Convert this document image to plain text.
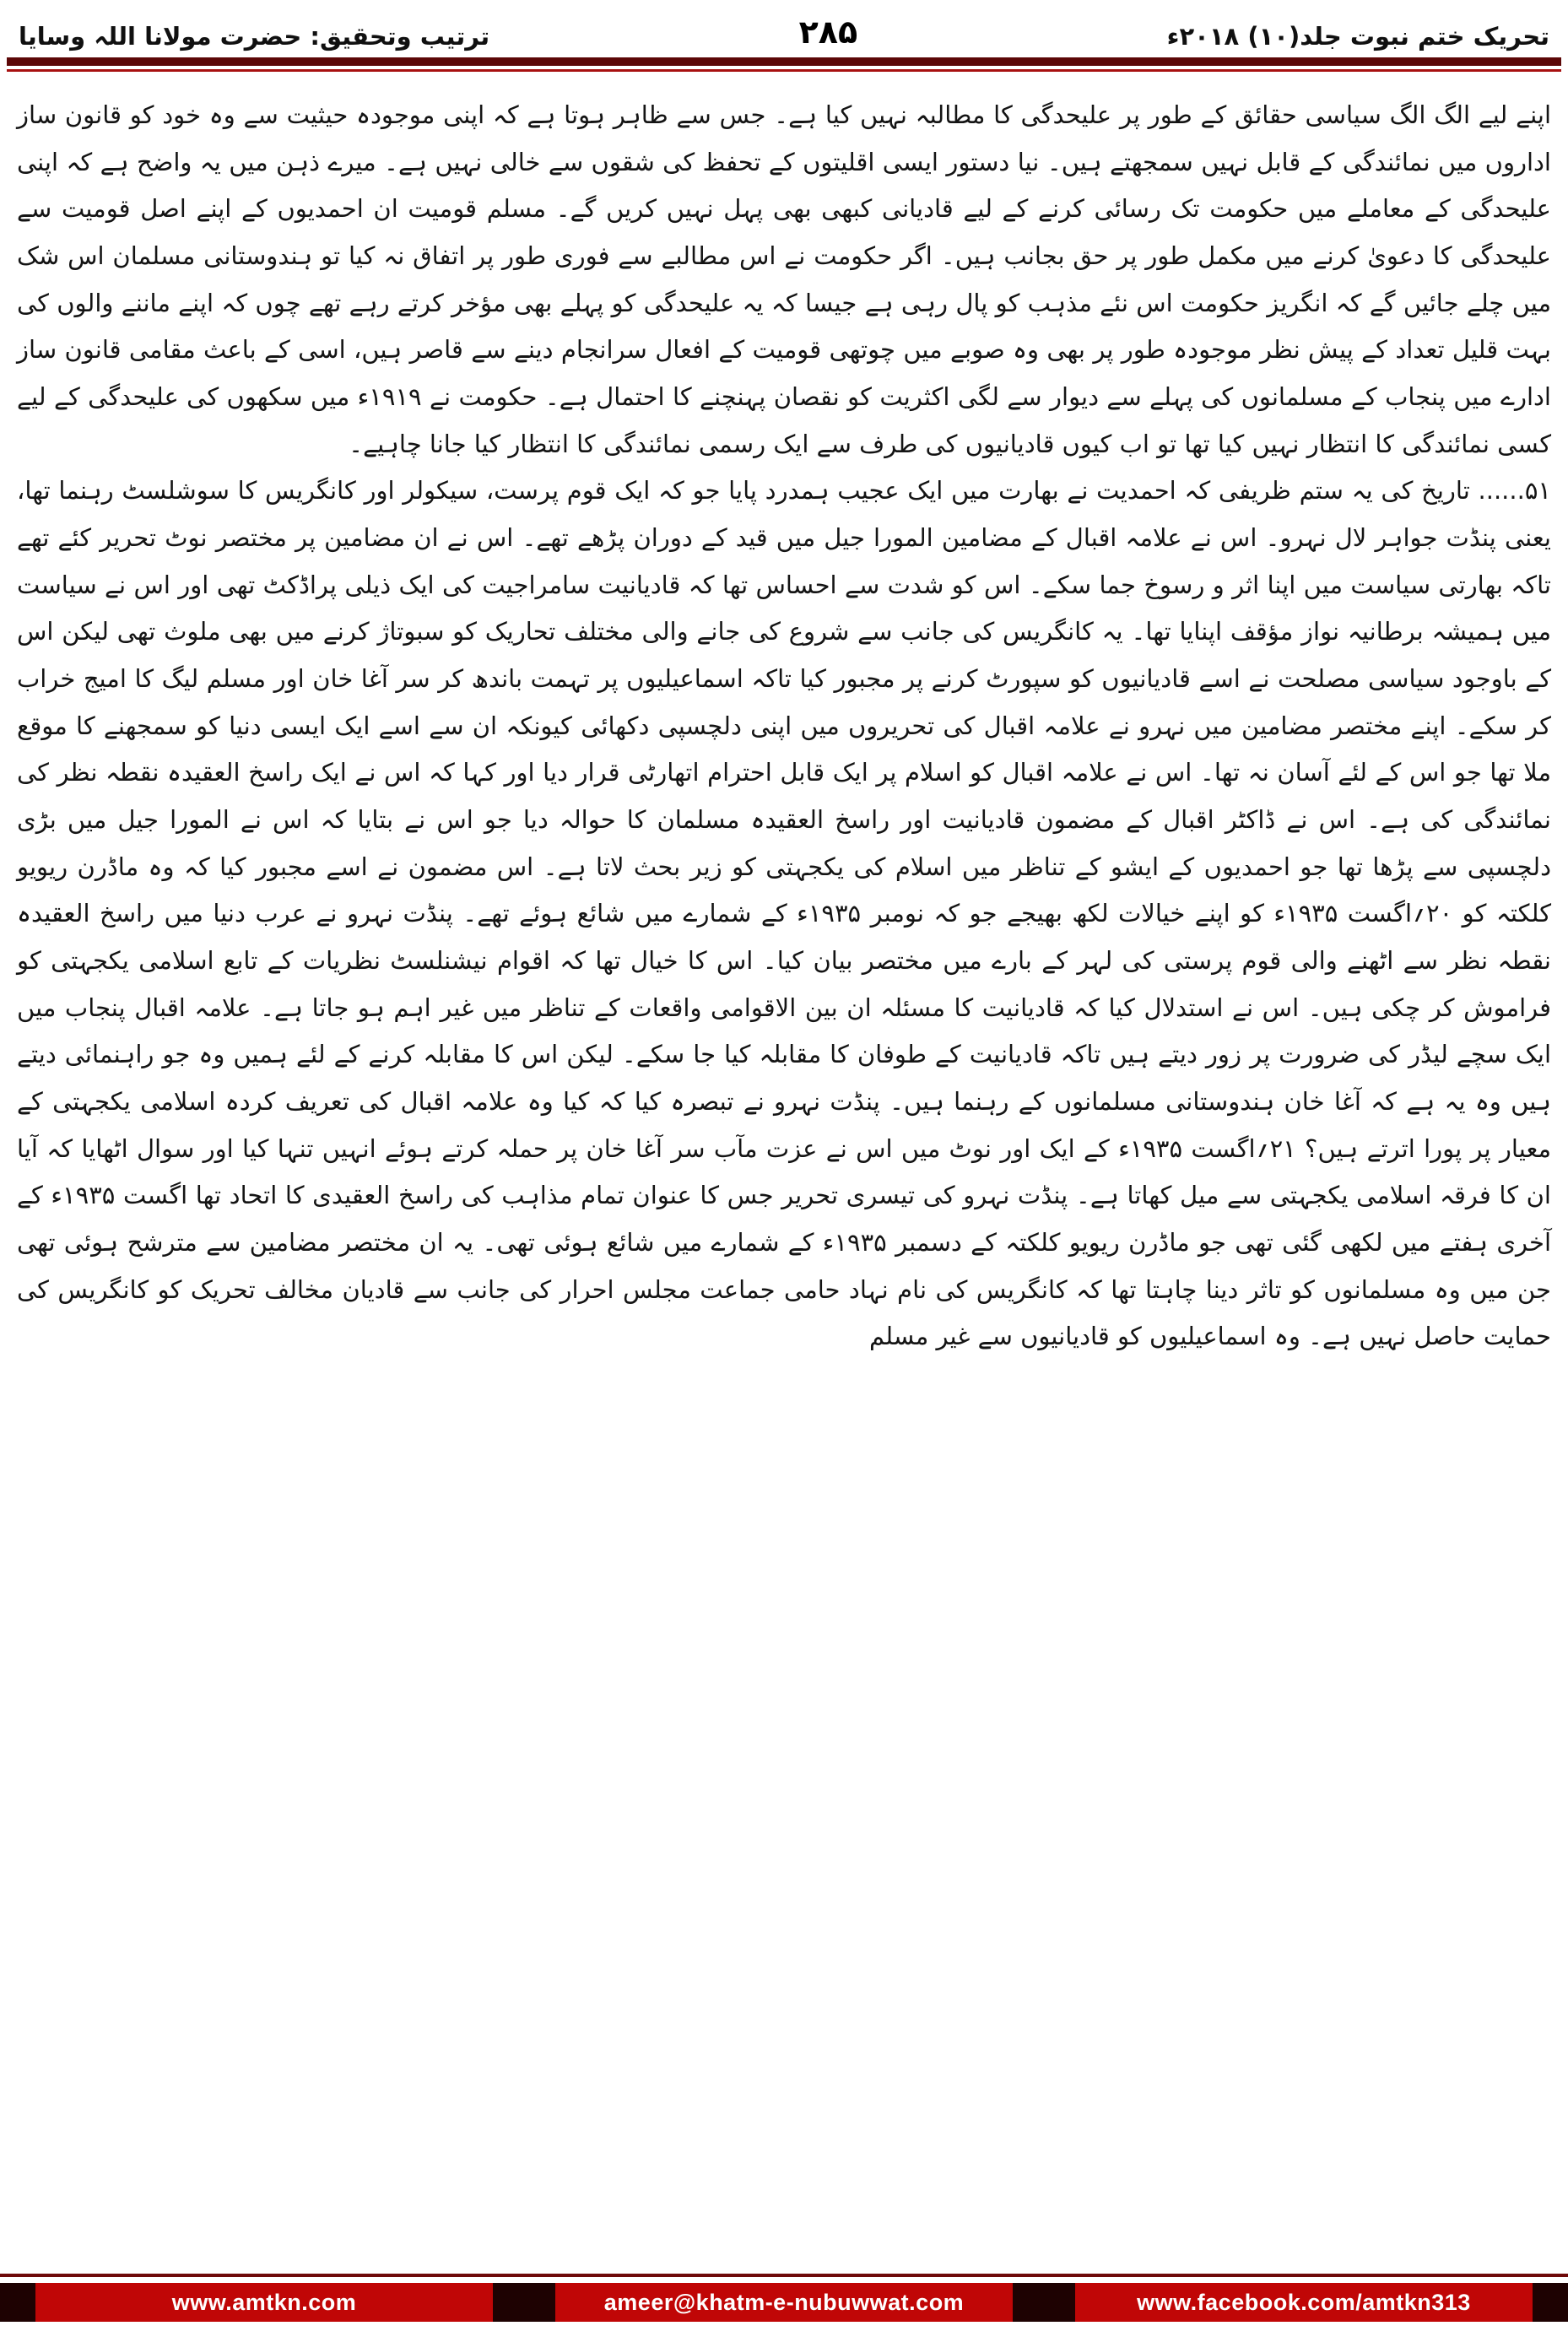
تحریک ختم نبوت جلد(۱۰) ۲۰۱۸ء
۲۸۵
ترتیب وتحقیق: حضرت مولانا اللہ وسایا

اپنے لیے الگ الگ سیاسی حقائق کے طور پر علیحدگی کا مطالبہ نہیں کیا ہے۔ جس سے ظاہر ہوتا ہے کہ اپنی موجودہ حیثیت سے وہ خود کو قانون ساز اداروں میں نمائندگی کے قابل نہیں سمجھتے ہیں۔ نیا دستور ایسی اقلیتوں کے تحفظ کی شقوں سے خالی نہیں ہے۔ میرے ذہن میں یہ واضح ہے کہ اپنی علیحدگی کے معاملے میں حکومت تک رسائی کرنے کے لیے قادیانی کبھی بھی پہل نہیں کریں گے۔ مسلم قومیت ان احمدیوں کے اپنے اصل قومیت سے علیحدگی کا دعویٰ کرنے میں مکمل طور پر حق بجانب ہیں۔ اگر حکومت نے اس مطالبے سے فوری طور پر اتفاق نہ کیا تو ہندوستانی مسلمان اس شک میں چلے جائیں گے کہ انگریز حکومت اس نئے مذہب کو پال رہی ہے جیسا کہ یہ علیحدگی کو پہلے بھی مؤخر کرتے رہے تھے چوں کہ اپنے ماننے والوں کی بہت قلیل تعداد کے پیش نظر موجودہ طور پر بھی وہ صوبے میں چوتھی قومیت کے افعال سرانجام دینے سے قاصر ہیں، اسی کے باعث مقامی قانون ساز ادارے میں پنجاب کے مسلمانوں کی پہلے سے دیوار سے لگی اکثریت کو نقصان پہنچنے کا احتمال ہے۔ حکومت نے ۱۹۱۹ء میں سکھوں کی علیحدگی کے لیے کسی نمائندگی کا انتظار نہیں کیا تھا تو اب کیوں قادیانیوں کی طرف سے ایک رسمی نمائندگی کا انتظار کیا جانا چاہیے۔

۵۱...... تاریخ کی یہ ستم ظریفی کہ احمدیت نے بھارت میں ایک عجیب ہمدرد پایا جو کہ ایک قوم پرست، سیکولر اور کانگریس کا سوشلسٹ رہنما تھا، یعنی پنڈت جواہر لال نہرو۔ اس نے علامہ اقبال کے مضامین المورا جیل میں قید کے دوران پڑھے تھے۔ اس نے ان مضامین پر مختصر نوٹ تحریر کئے تھے تاکہ بھارتی سیاست میں اپنا اثر و رسوخ جما سکے۔ اس کو شدت سے احساس تھا کہ قادیانیت سامراجیت کی ایک ذیلی پراڈکٹ تھی اور اس نے سیاست میں ہمیشہ برطانیہ نواز مؤقف اپنایا تھا۔ یہ کانگریس کی جانب سے شروع کی جانے والی مختلف تحاریک کو سبوتاژ کرنے میں بھی ملوث تھی لیکن اس کے باوجود سیاسی مصلحت نے اسے قادیانیوں کو سپورٹ کرنے پر مجبور کیا تاکہ اسماعیلیوں پر تہمت باندھ کر سر آغا خان اور مسلم لیگ کا امیج خراب کر سکے۔ اپنے مختصر مضامین میں نہرو نے علامہ اقبال کی تحریروں میں اپنی دلچسپی دکھائی کیونکہ ان سے اسے ایک ایسی دنیا کو سمجھنے کا موقع ملا تھا جو اس کے لئے آسان نہ تھا۔ اس نے علامہ اقبال کو اسلام پر ایک قابل احترام اتھارٹی قرار دیا اور کہا کہ اس نے ایک راسخ العقیدہ نقطہ نظر کی نمائندگی کی ہے۔ اس نے ڈاکٹر اقبال کے مضمون قادیانیت اور راسخ العقیدہ مسلمان کا حوالہ دیا جو اس نے بتایا کہ اس نے المورا جیل میں بڑی دلچسپی سے پڑھا تھا جو احمدیوں کے ایشو کے تناظر میں اسلام کی یکجہتی کو زیر بحث لاتا ہے۔ اس مضمون نے اسے مجبور کیا کہ وہ ماڈرن ریویو کلکتہ کو ۲۰؍اگست ۱۹۳۵ء کو اپنے خیالات لکھ بھیجے جو کہ نومبر ۱۹۳۵ء کے شمارے میں شائع ہوئے تھے۔ پنڈت نہرو نے عرب دنیا میں راسخ العقیدہ نقطہ نظر سے اٹھنے والی قوم پرستی کی لہر کے بارے میں مختصر بیان کیا۔ اس کا خیال تھا کہ اقوام نیشنلسٹ نظریات کے تابع اسلامی یکجہتی کو فراموش کر چکی ہیں۔ اس نے استدلال کیا کہ قادیانیت کا مسئلہ ان بین الاقوامی واقعات کے تناظر میں غیر اہم ہو جاتا ہے۔ علامہ اقبال پنجاب میں ایک سچے لیڈر کی ضرورت پر زور دیتے ہیں تاکہ قادیانیت کے طوفان کا مقابلہ کیا جا سکے۔ لیکن اس کا مقابلہ کرنے کے لئے ہمیں وہ جو راہنمائی دیتے ہیں وہ یہ ہے کہ آغا خان ہندوستانی مسلمانوں کے رہنما ہیں۔ پنڈت نہرو نے تبصرہ کیا کہ کیا وہ علامہ اقبال کی تعریف کردہ اسلامی یکجہتی کے معیار پر پورا اترتے ہیں؟ ۲۱؍اگست ۱۹۳۵ء کے ایک اور نوٹ میں اس نے عزت مآب سر آغا خان پر حملہ کرتے ہوئے انہیں تنہا کیا اور سوال اٹھایا کہ آیا ان کا فرقہ اسلامی یکجہتی سے میل کھاتا ہے۔ پنڈت نہرو کی تیسری تحریر جس کا عنوان تمام مذاہب کی راسخ العقیدی کا اتحاد تھا اگست ۱۹۳۵ء کے آخری ہفتے میں لکھی گئی تھی جو ماڈرن ریویو کلکتہ کے دسمبر ۱۹۳۵ء کے شمارے میں شائع ہوئی تھی۔ یہ ان مختصر مضامین سے مترشح ہوئی تھی جن میں وہ مسلمانوں کو تاثر دینا چاہتا تھا کہ کانگریس کی نام نہاد حامی جماعت مجلس احرار کی جانب سے قادیان مخالف تحریک کو کانگریس کی حمایت حاصل نہیں ہے۔ وہ اسماعیلیوں کو قادیانیوں سے غیر مسلم

www.amtkn.com	ameer@khatm-e-nubuwwat.com	www.facebook.com/amtkn313
